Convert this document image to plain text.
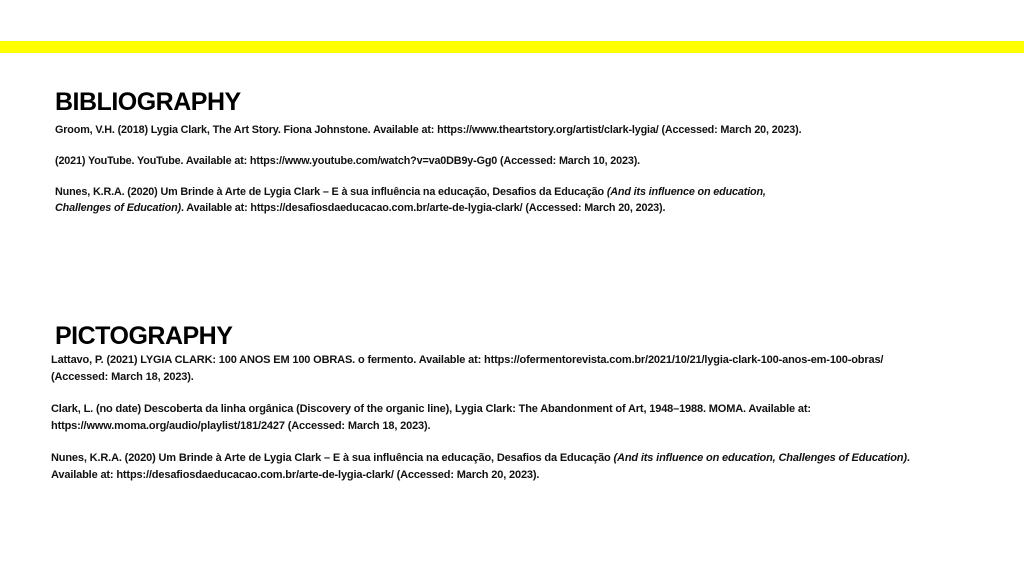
BIBLIOGRAPHY

Groom, V.H. (2018) Lygia Clark, The Art Story. Fiona Johnstone. Available at: https://www.theartstory.org/artist/clark-lygia/ (Accessed: March 20, 2023).

(2021) YouTube. YouTube. Available at: https://www.youtube.com/watch?v=va0DB9y-Gg0 (Accessed: March 10, 2023).

Nunes, K.R.A. (2020) Um Brinde à Arte de Lygia Clark – E à sua influência na educação, Desafios da Educação (And its influence on education, Challenges of Education). Available at: https://desafiosdaeducacao.com.br/arte-de-lygia-clark/ (Accessed: March 20, 2023).

PICTOGRAPHY

Lattavo, P. (2021) LYGIA CLARK: 100 ANOS EM 100 OBRAS. o fermento. Available at: https://ofermentorevista.com.br/2021/10/21/lygia-clark-100-anos-em-100-obras/ (Accessed: March 18, 2023).

Clark, L. (no date) Descoberta da linha orgânica (Discovery of the organic line), Lygia Clark: The Abandonment of Art, 1948–1988. MOMA. Available at: https://www.moma.org/audio/playlist/181/2427 (Accessed: March 18, 2023).

Nunes, K.R.A. (2020) Um Brinde à Arte de Lygia Clark – E à sua influência na educação, Desafios da Educação (And its influence on education, Challenges of Education). Available at: https://desafiosdaeducacao.com.br/arte-de-lygia-clark/ (Accessed: March 20, 2023).
